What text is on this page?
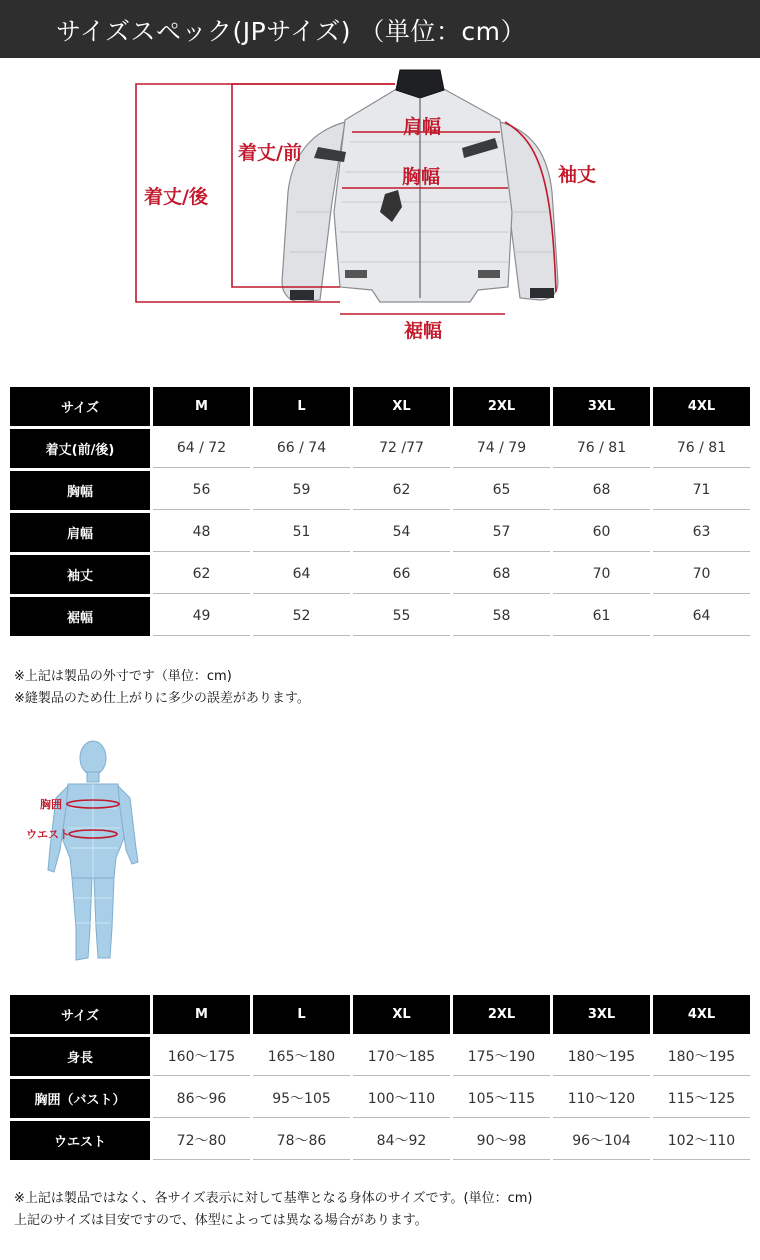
サイズスペック(JPサイズ) （単位：cm）
肩幅
胸幅
着丈/前
着丈/後
袖丈
裾幅
サイズ	M	L	XL	2XL	3XL	4XL
着丈(前/後)	64 / 72	66 / 74	72 /77	74 / 79	76 / 81	76 / 81
胸幅	56	59	62	65	68	71
肩幅	48	51	54	57	60	63
袖丈	62	64	66	68	70	70
裾幅	49	52	55	58	61	64
※上記は製品の外寸です（単位：cm)
※縫製品のため仕上がりに多少の誤差があります。
胸囲
ウエスト
サイズ	M	L	XL	2XL	3XL	4XL
身長	160～175	165～180	170～185	175～190	180～195	180～195
胸囲（バスト）	86～96	95～105	100～110	105～115	110～120	115～125
ウエスト	72～80	78～86	84～92	90～98	96～104	102～110
※上記は製品ではなく、各サイズ表示に対して基準となる身体のサイズです。(単位：cm)
上記のサイズは目安ですので、体型によっては異なる場合があります。
